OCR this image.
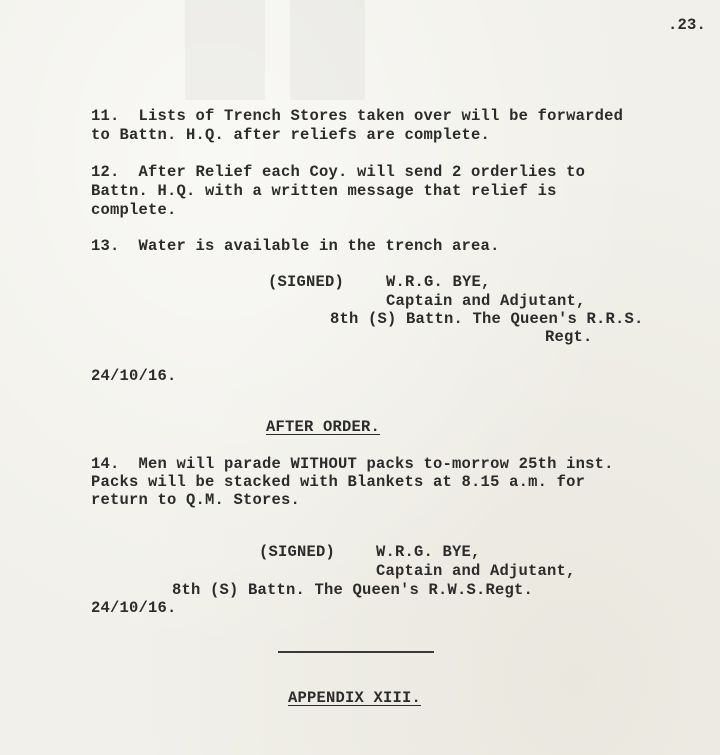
.23.
11.  Lists of Trench Stores taken over will be forwarded
to Battn. H.Q. after reliefs are complete.
12.  After Relief each Coy. will send 2 orderlies to
Battn. H.Q. with a written message that relief is
complete.
13.  Water is available in the trench area.
(SIGNED)	W.R.G. BYE,
Captain and Adjutant,
8th (S) Battn. The Queen's R.R.S.
Regt.
24/10/16.
AFTER ORDER.
14.  Men will parade WITHOUT packs to-morrow 25th inst.
Packs will be stacked with Blankets at 8.15 a.m. for
return to Q.M. Stores.
(SIGNED)	W.R.G. BYE,
Captain and Adjutant,
8th (S) Battn. The Queen's R.W.S.Regt.
24/10/16.
APPENDIX XIII.
